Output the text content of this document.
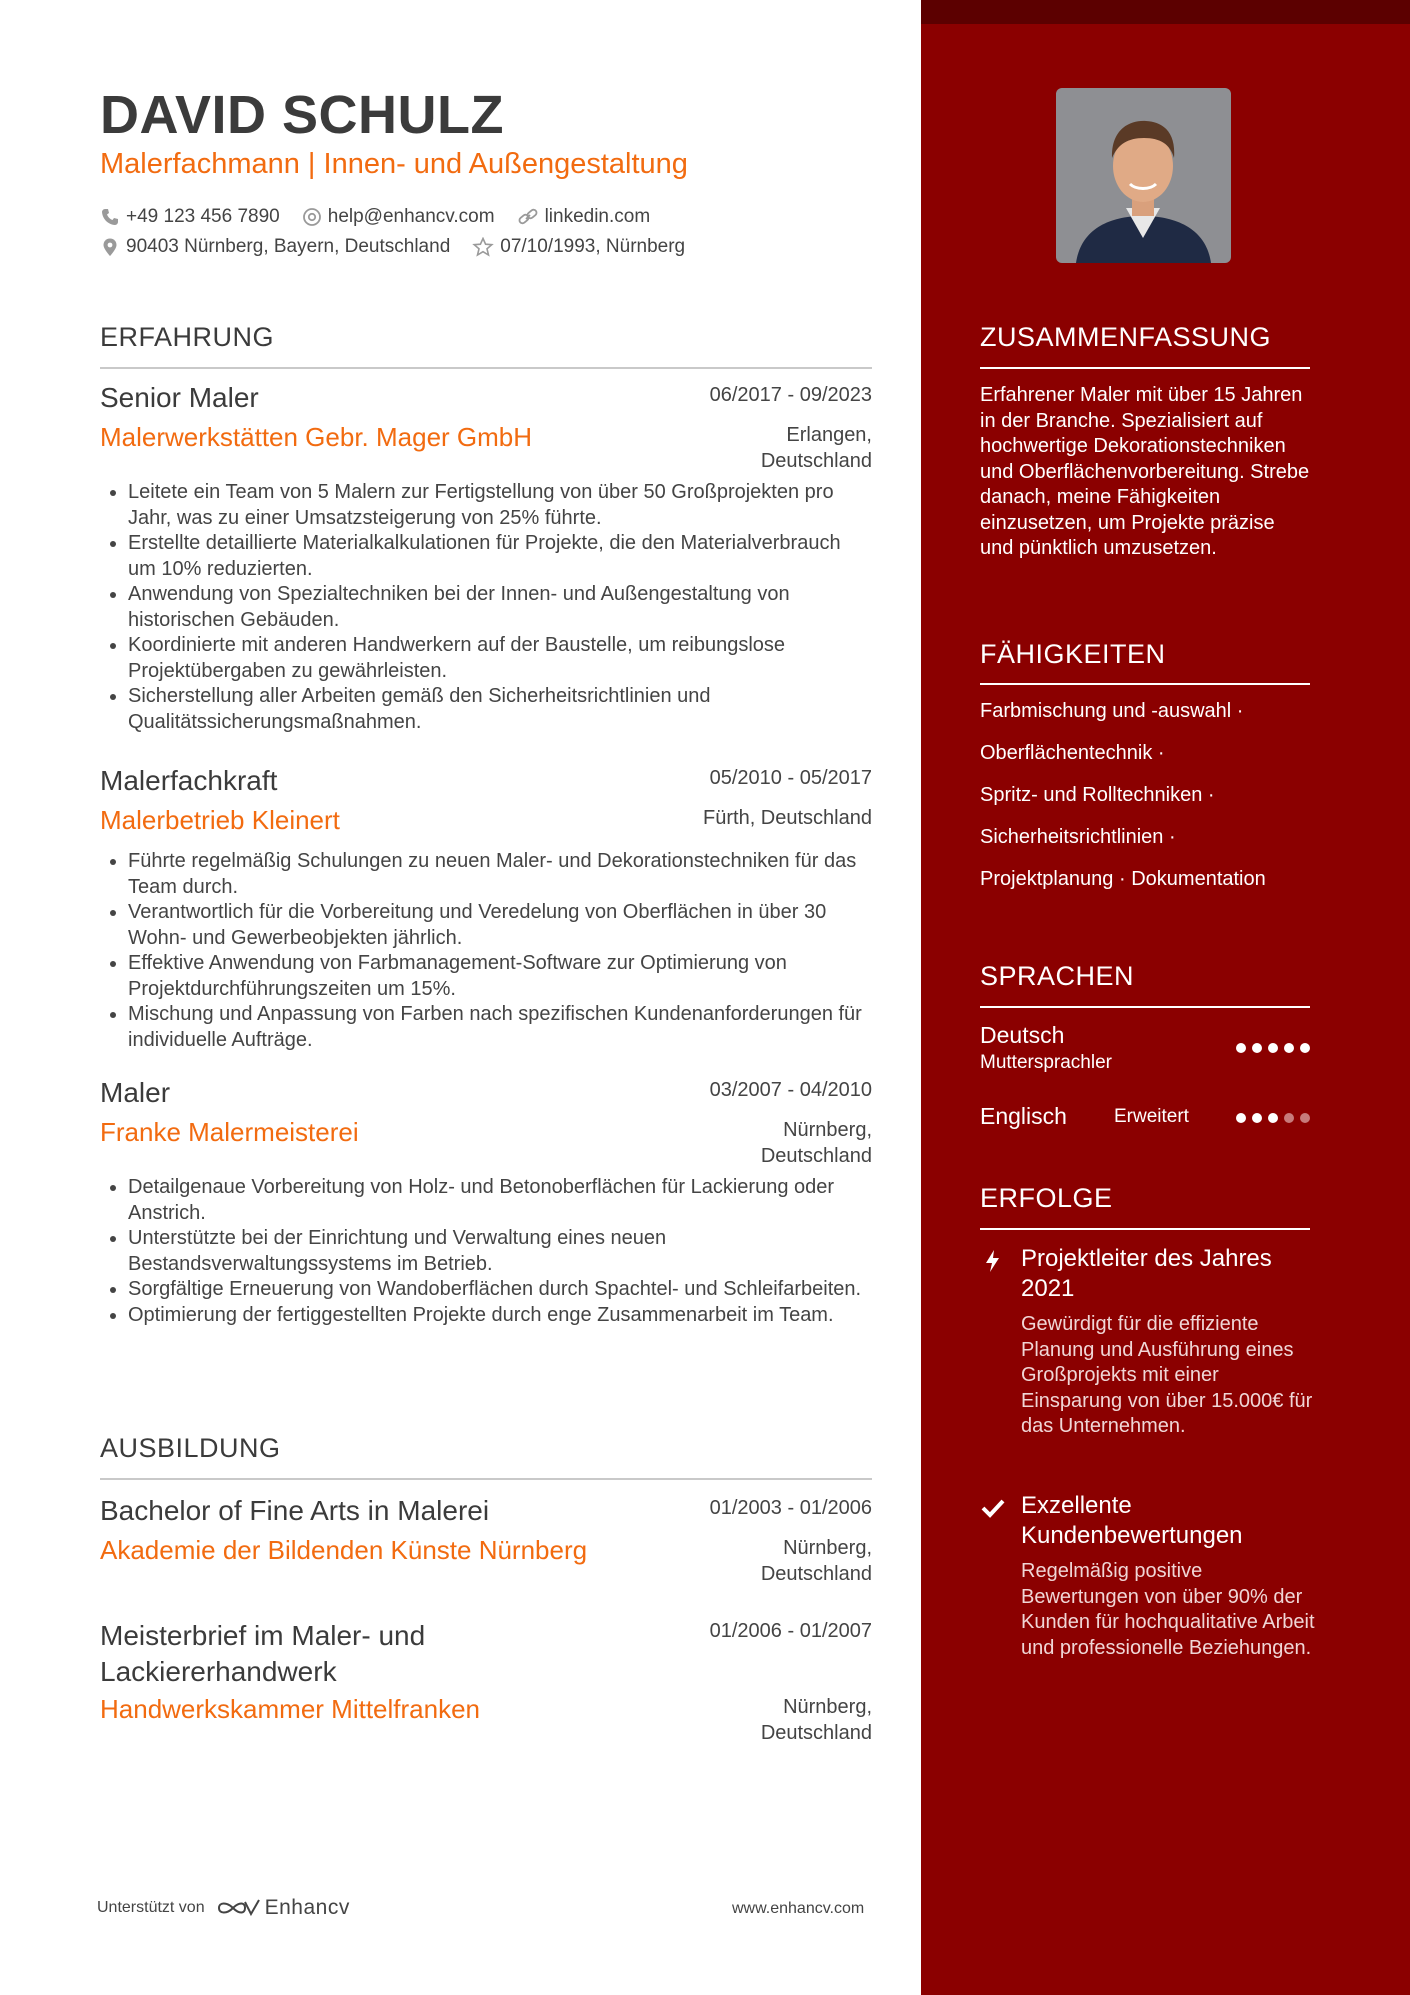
DAVID SCHULZ
Malerfachmann | Innen- und Außengestaltung
+49 123 456 7890	help@enhancv.com	linkedin.com
90403 Nürnberg, Bayern, Deutschland	07/10/1993, Nürnberg
ERFAHRUNG
Senior Maler	06/2017 - 09/2023
Malerwerkstätten Gebr. Mager GmbH	Erlangen, Deutschland
Leitete ein Team von 5 Malern zur Fertigstellung von über 50 Großprojekten pro Jahr, was zu einer Umsatzsteigerung von 25% führte.
Erstellte detaillierte Materialkalkulationen für Projekte, die den Materialverbrauch um 10% reduzierten.
Anwendung von Spezialtechniken bei der Innen- und Außengestaltung von historischen Gebäuden.
Koordinierte mit anderen Handwerkern auf der Baustelle, um reibungslose Projektübergaben zu gewährleisten.
Sicherstellung aller Arbeiten gemäß den Sicherheitsrichtlinien und Qualitätssicherungsmaßnahmen.
Malerfachkraft	05/2010 - 05/2017
Malerbetrieb Kleinert	Fürth, Deutschland
Führte regelmäßig Schulungen zu neuen Maler- und Dekorationstechniken für das Team durch.
Verantwortlich für die Vorbereitung und Veredelung von Oberflächen in über 30 Wohn- und Gewerbeobjekten jährlich.
Effektive Anwendung von Farbmanagement-Software zur Optimierung von Projektdurchführungszeiten um 15%.
Mischung und Anpassung von Farben nach spezifischen Kundenanforderungen für individuelle Aufträge.
Maler	03/2007 - 04/2010
Franke Malermeisterei	Nürnberg, Deutschland
Detailgenaue Vorbereitung von Holz- und Betonoberflächen für Lackierung oder Anstrich.
Unterstützte bei der Einrichtung und Verwaltung eines neuen Bestandsverwaltungssystems im Betrieb.
Sorgfältige Erneuerung von Wandoberflächen durch Spachtel- und Schleifarbeiten.
Optimierung der fertiggestellten Projekte durch enge Zusammenarbeit im Team.
AUSBILDUNG
Bachelor of Fine Arts in Malerei	01/2003 - 01/2006
Akademie der Bildenden Künste Nürnberg	Nürnberg, Deutschland
Meisterbrief im Maler- und Lackiererhandwerk
01/2006 - 01/2007
Handwerkskammer Mittelfranken	Nürnberg, Deutschland
Unterstützt von	Enhancv	www.enhancv.com
ZUSAMMENFASSUNG
Erfahrener Maler mit über 15 Jahren in der Branche. Spezialisiert auf hochwertige Dekorationstechniken und Oberflächenvorbereitung. Strebe danach, meine Fähigkeiten einzusetzen, um Projekte präzise und pünktlich umzusetzen.
FÄHIGKEITEN
Farbmischung und -auswahl ·
Oberflächentechnik ·
Spritz- und Rolltechniken ·
Sicherheitsrichtlinien ·
Projektplanung · Dokumentation
SPRACHEN
Deutsch
Muttersprachler
Englisch Erweitert
ERFOLGE
Projektleiter des Jahres 2021
Gewürdigt für die effiziente Planung und Ausführung eines Großprojekts mit einer Einsparung von über 15.000€ für das Unternehmen.
Exzellente Kundenbewertungen
Regelmäßig positive Bewertungen von über 90% der Kunden für hochqualitative Arbeit und professionelle Beziehungen.
